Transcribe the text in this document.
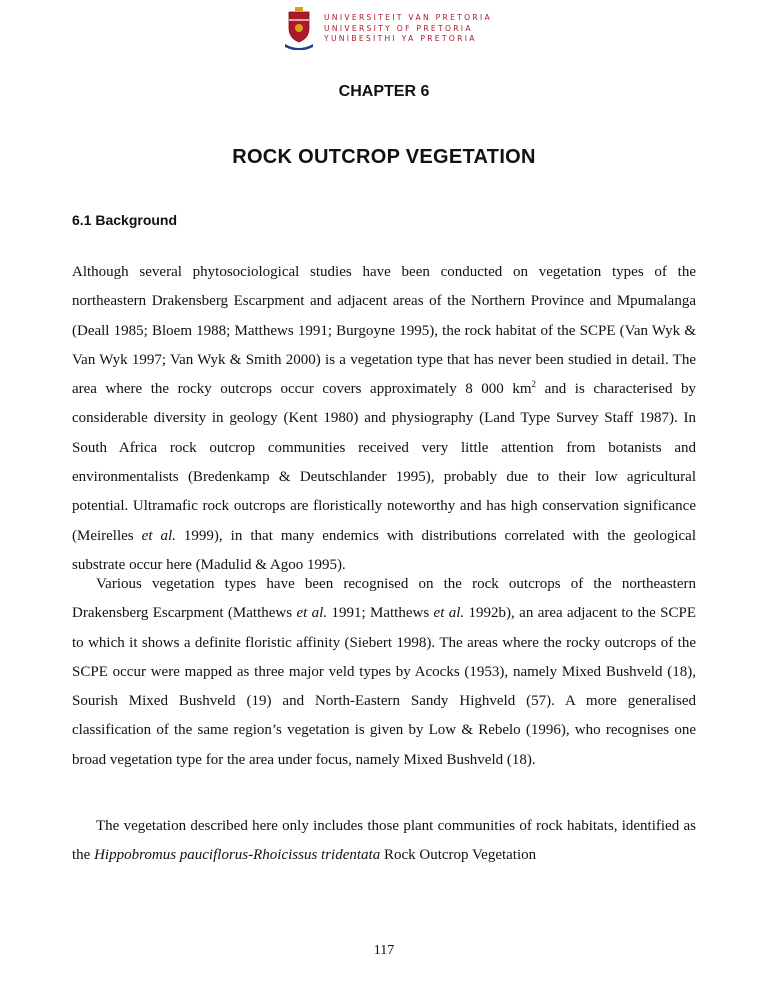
UNIVERSITEIT VAN PRETORIA
UNIVERSITY OF PRETORIA
YUNIBESITHI YA PRETORIA
CHAPTER 6
ROCK OUTCROP VEGETATION
6.1 Background

Although several phytosociological studies have been conducted on vegetation types of the northeastern Drakensberg Escarpment and adjacent areas of the Northern Province and Mpumalanga (Deall 1985; Bloem 1988; Matthews 1991; Burgoyne 1995), the rock habitat of the SCPE (Van Wyk & Van Wyk 1997; Van Wyk & Smith 2000) is a vegetation type that has never been studied in detail. The area where the rocky outcrops occur covers approximately 8 000 $km^2$ and is characterised by considerable diversity in geology (Kent 1980) and physiography (Land Type Survey Staff 1987). In South Africa rock outcrop communities received very little attention from botanists and environmentalists (Bredenkamp & Deutschlander 1995), probably due to their low agricultural potential. Ultramafic rock outcrops are floristically noteworthy and has high conservation significance (Meirelles et al. 1999), in that many endemics with distributions correlated with the geological substrate occur here (Madulid & Agoo 1995).

Various vegetation types have been recognised on the rock outcrops of the northeastern Drakensberg Escarpment (Matthews et al. 1991; Matthews et al. 1992b), an area adjacent to the SCPE to which it shows a definite floristic affinity (Siebert 1998). The areas where the rocky outcrops of the SCPE occur were mapped as three major veld types by Acocks (1953), namely Mixed Bushveld (18), Sourish Mixed Bushveld (19) and North-Eastern Sandy Highveld (57). A more generalised classification of the same region’s vegetation is given by Low & Rebelo (1996), who recognises one broad vegetation type for the area under focus, namely Mixed Bushveld (18).

The vegetation described here only includes those plant communities of rock habitats, identified as the Hippobromus pauciflorus-Rhoicissus tridentata Rock Outcrop Vegetation

117
